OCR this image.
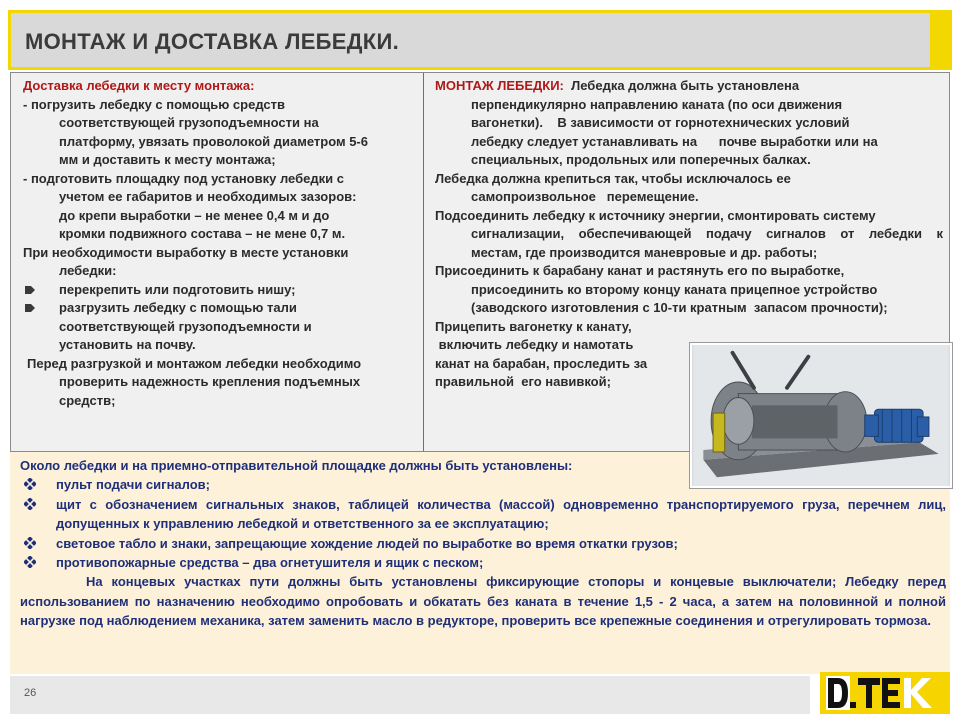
МОНТАЖ И ДОСТАВКА ЛЕБЕДКИ.

Доставка лебедки к месту монтажа:

- погрузить лебедку с помощью средств

соответствующей грузоподъемности на

платформу, увязать проволокой диаметром 5-6

мм и доставить к месту монтажа;

- подготовить площадку под установку лебедки с

учетом ее габаритов и необходимых зазоров:

до крепи выработки – не менее 0,4 м и до

кромки подвижного состава – не мене 0,7 м.

При необходимости выработку в месте установки

лебедки:

перекрепить или подготовить нишу;

разгрузить лебедку с помощью тали

соответствующей грузоподъемности и

установить на почву.

Перед разгрузкой и монтажом лебедки необходимо

проверить надежность крепления подъемных

средств;

МОНТАЖ ЛЕБЕДКИ: Лебедка должна быть установлена

перпендикулярно направлению каната (по оси движения

вагонетки).    В зависимости от горнотехнических условий

лебедку следует устанавливать на      почве выработки или на

специальных, продольных или поперечных балках.

Лебедка должна крепиться так, чтобы исключалось ее

самопроизвольное   перемещение.

Подсоединить лебедку к источнику энергии, смонтировать систему

сигнализации, обеспечивающей подачу сигналов от лебедки к

местам, где производится маневровые и др. работы;

Присоединить к барабану канат и растянуть его по выработке,

присоединить ко второму концу каната прицепное устройство

(заводского изготовления с 10-ти кратным  запасом прочности);

Прицепить вагонетку к канату,

включить лебедку и намотать

канат на барабан, проследить за

правильной  его навивкой;

Около лебедки и на приемно-отправительной площадке должны быть установлены:

пульт подачи сигналов;
щит с обозначением сигнальных знаков, таблицей количества (массой) одновременно транспортируемого груза, перечнем лиц, допущенных к управлению лебедкой и ответственного за ее эксплуатацию;
световое табло и знаки, запрещающие хождение людей по выработке во время откатки грузов;
противопожарные средства – два огнетушителя и ящик с песком;

На концевых участках пути должны быть установлены фиксирующие стопоры и концевые выключатели; Лебедку перед использованием по назначению необходимо опробовать и обкатать без каната в течение 1,5 - 2 часа, а затем на половинной и полной нагрузке под наблюдением механика, затем заменить масло в редукторе, проверить все крепежные соединения и отрегулировать тормоза.

26
